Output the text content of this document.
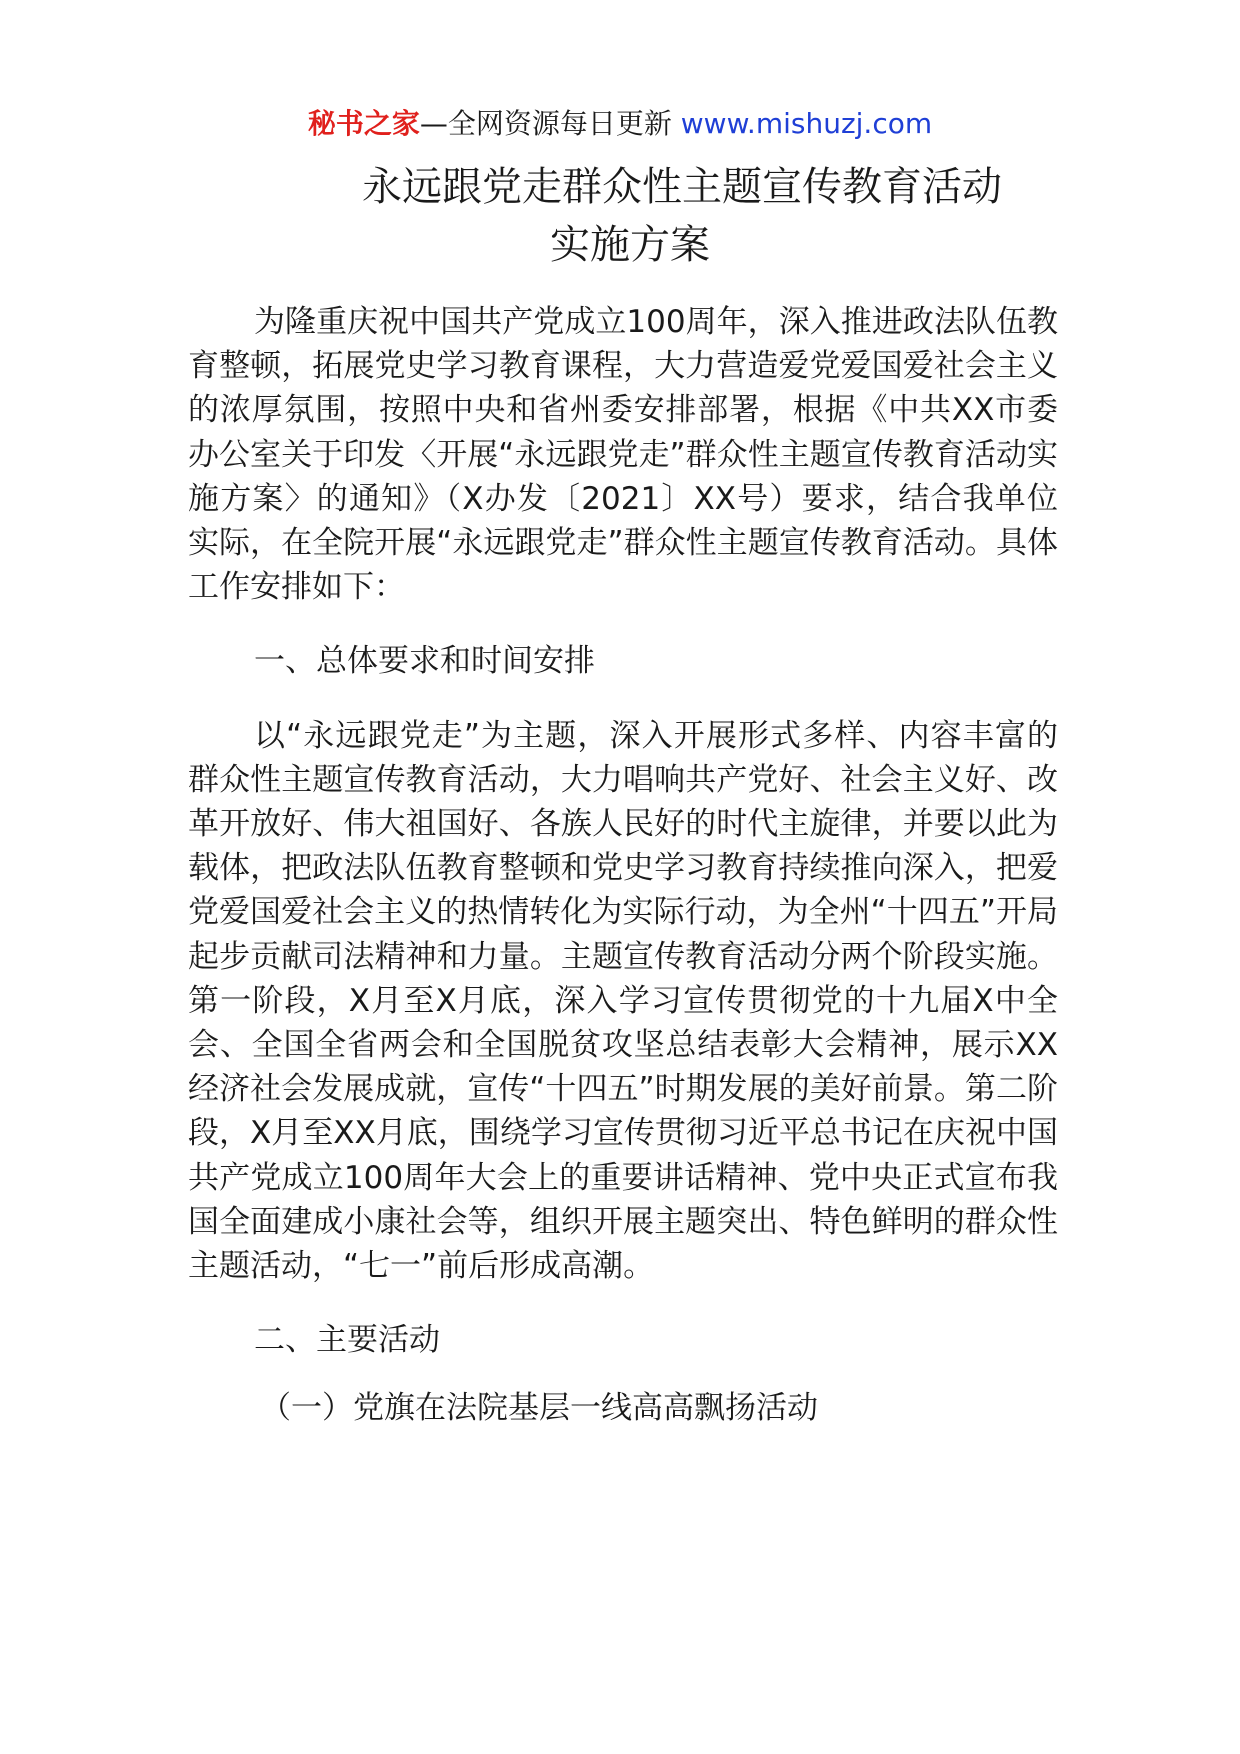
秘书之家—全网资源每日更新 www.mishuzj.com
永远跟党走群众性主题宣传教育活动
实施方案

为隆重庆祝中国共产党成立100周年，深入推进政法队伍教育整顿，拓展党史学习教育课程，大力营造爱党爱国爱社会主义的浓厚氛围，按照中央和省州委安排部署，根据《中共XX市委办公室关于印发〈开展“永远跟党走”群众性主题宣传教育活动实施方案〉的通知》（X办发〔2021〕XX号）要求，结合我单位实际，在全院开展“永远跟党走”群众性主题宣传教育活动。具体工作安排如下：

一、总体要求和时间安排

以“永远跟党走”为主题，深入开展形式多样、内容丰富的群众性主题宣传教育活动，大力唱响共产党好、社会主义好、改革开放好、伟大祖国好、各族人民好的时代主旋律，并要以此为载体，把政法队伍教育整顿和党史学习教育持续推向深入，把爱党爱国爱社会主义的热情转化为实际行动，为全州“十四五”开局起步贡献司法精神和力量。主题宣传教育活动分两个阶段实施。第一阶段，X月至X月底，深入学习宣传贯彻党的十九届X中全会、全国全省两会和全国脱贫攻坚总结表彰大会精神，展示XX经济社会发展成就，宣传“十四五”时期发展的美好前景。第二阶段，X月至XX月底，围绕学习宣传贯彻习近平总书记在庆祝中国共产党成立100周年大会上的重要讲话精神、党中央正式宣布我国全面建成小康社会等，组织开展主题突出、特色鲜明的群众性主题活动，“七一”前后形成高潮。

二、主要活动

（一）党旗在法院基层一线高高飘扬活动
